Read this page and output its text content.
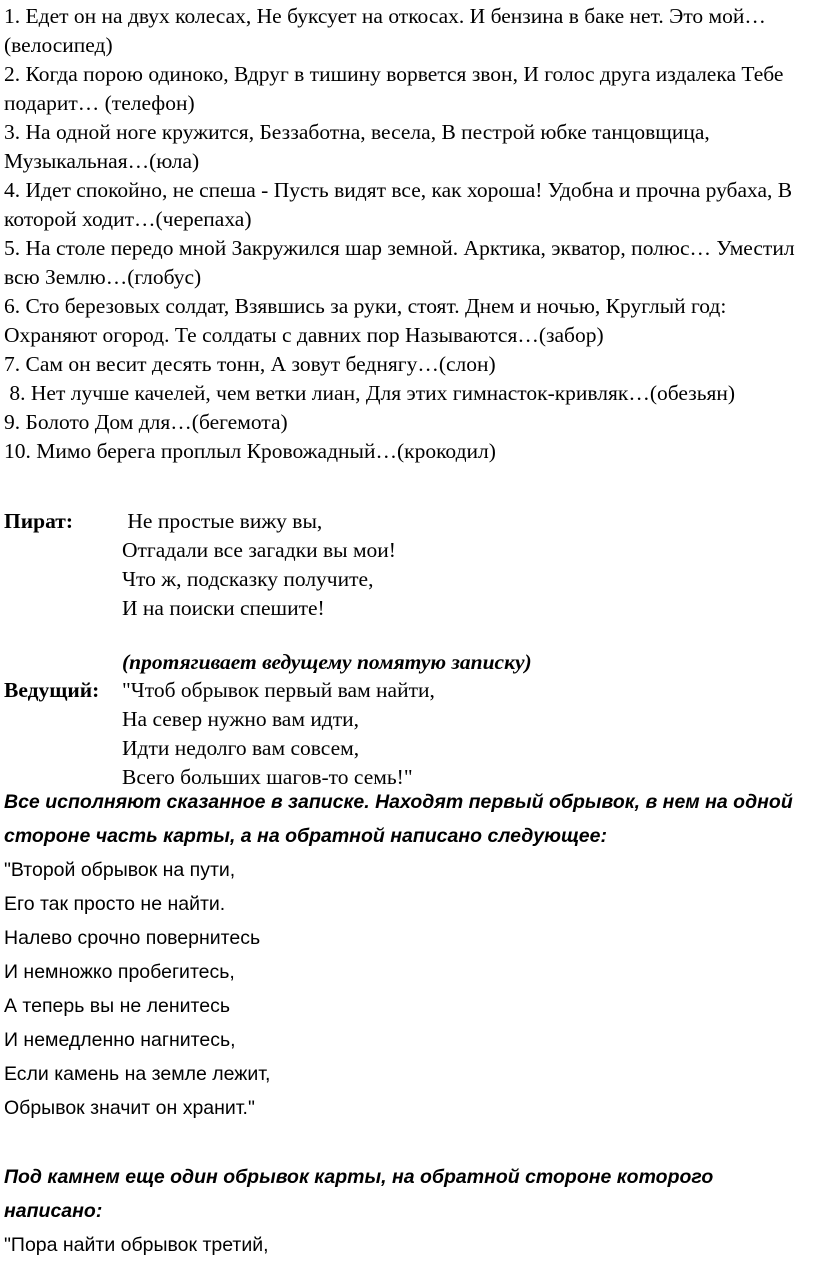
1. Едет он на двух колесах, Не буксует на откосах. И бензина в баке нет. Это мой…(велосипед)

2. Когда порою одиноко, Вдруг в тишину ворвется звон, И голос друга издалека Тебе подарит… (телефон)

3. На одной ноге кружится, Беззаботна, весела, В пестрой юбке танцовщица, Музыкальная…(юла)

4. Идет спокойно, не спеша - Пусть видят все, как хороша! Удобна и прочна рубаха, В которой ходит…(черепаха)

5. На столе передо мной Закружился шар земной. Арктика, экватор, полюс… Уместил всю Землю…(глобус)

6. Сто березовых солдат, Взявшись за руки, стоят. Днем и ночью, Круглый год: Охраняют огород. Те солдаты с давних пор Называются…(забор)

7. Сам он весит десять тонн, А зовут беднягу…(слон)

8. Нет лучше качелей, чем ветки лиан, Для этих гимнасток-кривляк…(обезьян)

9. Болото Дом для…(бегемота)

10. Мимо берега проплыл Кровожадный…(крокодил)

Пират: Не простые вижу вы,
Отгадали все загадки вы мои!
Что ж, подсказку получите,
И на поиски спешите!
(протягивает ведущему помятую записку)
Ведущий: "Чтоб обрывок первый вам найти,
На север нужно вам идти,
Идти недолго вам совсем,
Всего больших шагов-то семь!"

Все исполняют сказанное в записке. Находят первый обрывок, в нем на одной стороне часть карты, а на обратной написано следующее:

"Второй обрывок на пути,

Его так просто не найти.

Налево срочно повернитесь

И немножко пробегитесь,

А теперь вы не ленитесь

И немедленно нагнитесь,

Если камень на земле лежит,

Обрывок значит он хранит."

Под камнем еще один обрывок карты, на обратной стороне которого написано:

"Пора найти обрывок третий,
